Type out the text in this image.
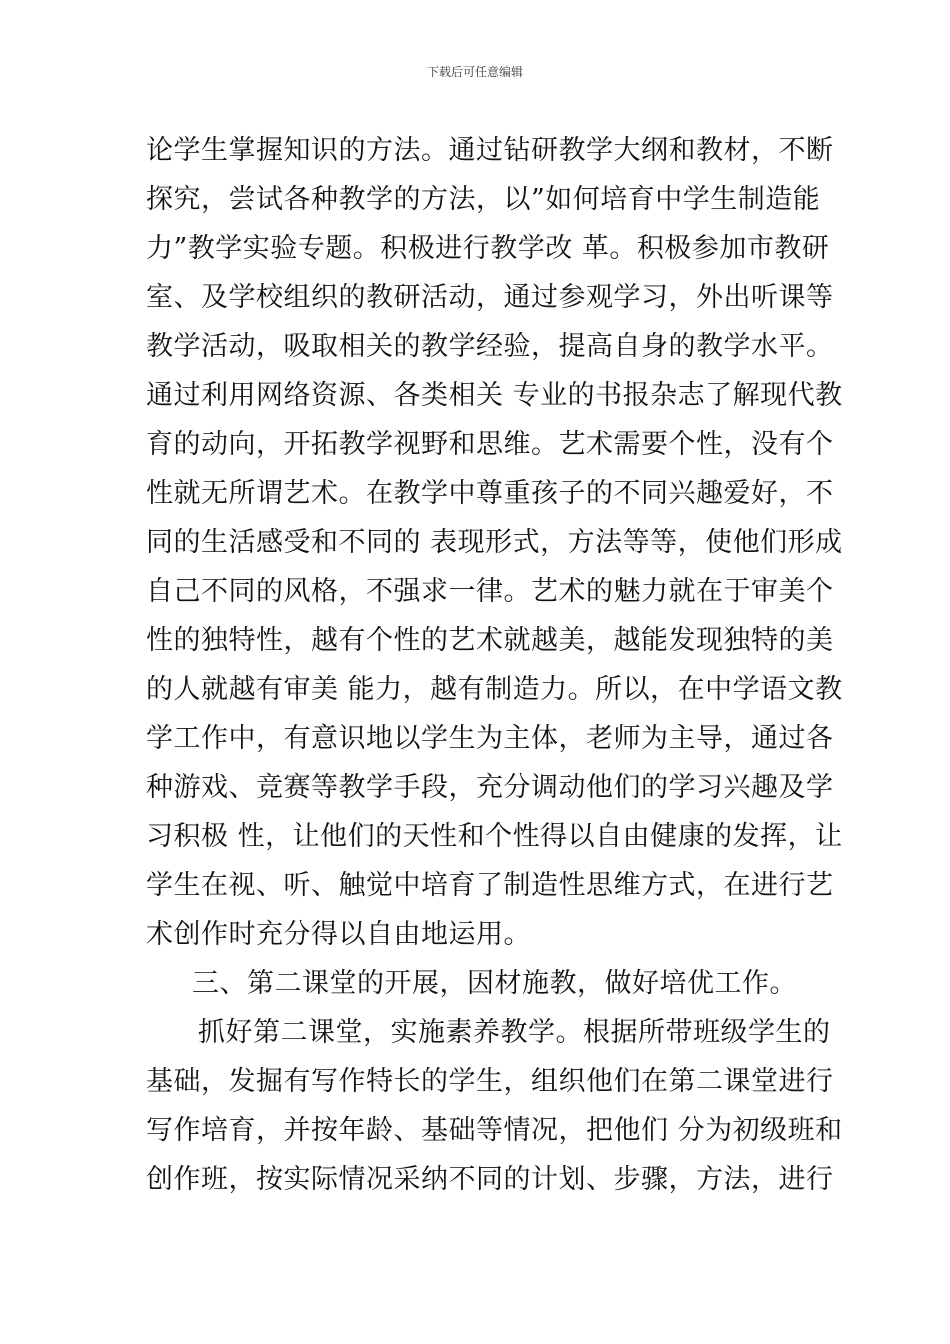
下载后可任意编辑
论学生掌握知识的方法。通过钻研教学大纲和教材，不断
探究，尝试各种教学的方法，以”如何培育中学生制造能
力”教学实验专题。积极进行教学改 革。积极参加市教研
室、及学校组织的教研活动，通过参观学习，外出听课等
教学活动，吸取相关的教学经验，提高自身的教学水平。
通过利用网络资源、各类相关 专业的书报杂志了解现代教
育的动向，开拓教学视野和思维。艺术需要个性，没有个
性就无所谓艺术。在教学中尊重孩子的不同兴趣爱好，不
同的生活感受和不同的 表现形式，方法等等，使他们形成
自己不同的风格，不强求一律。艺术的魅力就在于审美个
性的独特性，越有个性的艺术就越美，越能发现独特的美
的人就越有审美 能力，越有制造力。所以，在中学语文教
学工作中，有意识地以学生为主体，老师为主导，通过各
种游戏、竞赛等教学手段，充分调动他们的学习兴趣及学
习积极 性，让他们的天性和个性得以自由健康的发挥，让
学生在视、听、触觉中培育了制造性思维方式，在进行艺
术创作时充分得以自由地运用。
三、第二课堂的开展，因材施教，做好培优工作。
抓好第二课堂，实施素养教学。根据所带班级学生的
基础，发掘有写作特长的学生，组织他们在第二课堂进行
写作培育，并按年龄、基础等情况，把他们 分为初级班和
创作班，按实际情况采纳不同的计划、步骤，方法，进行
